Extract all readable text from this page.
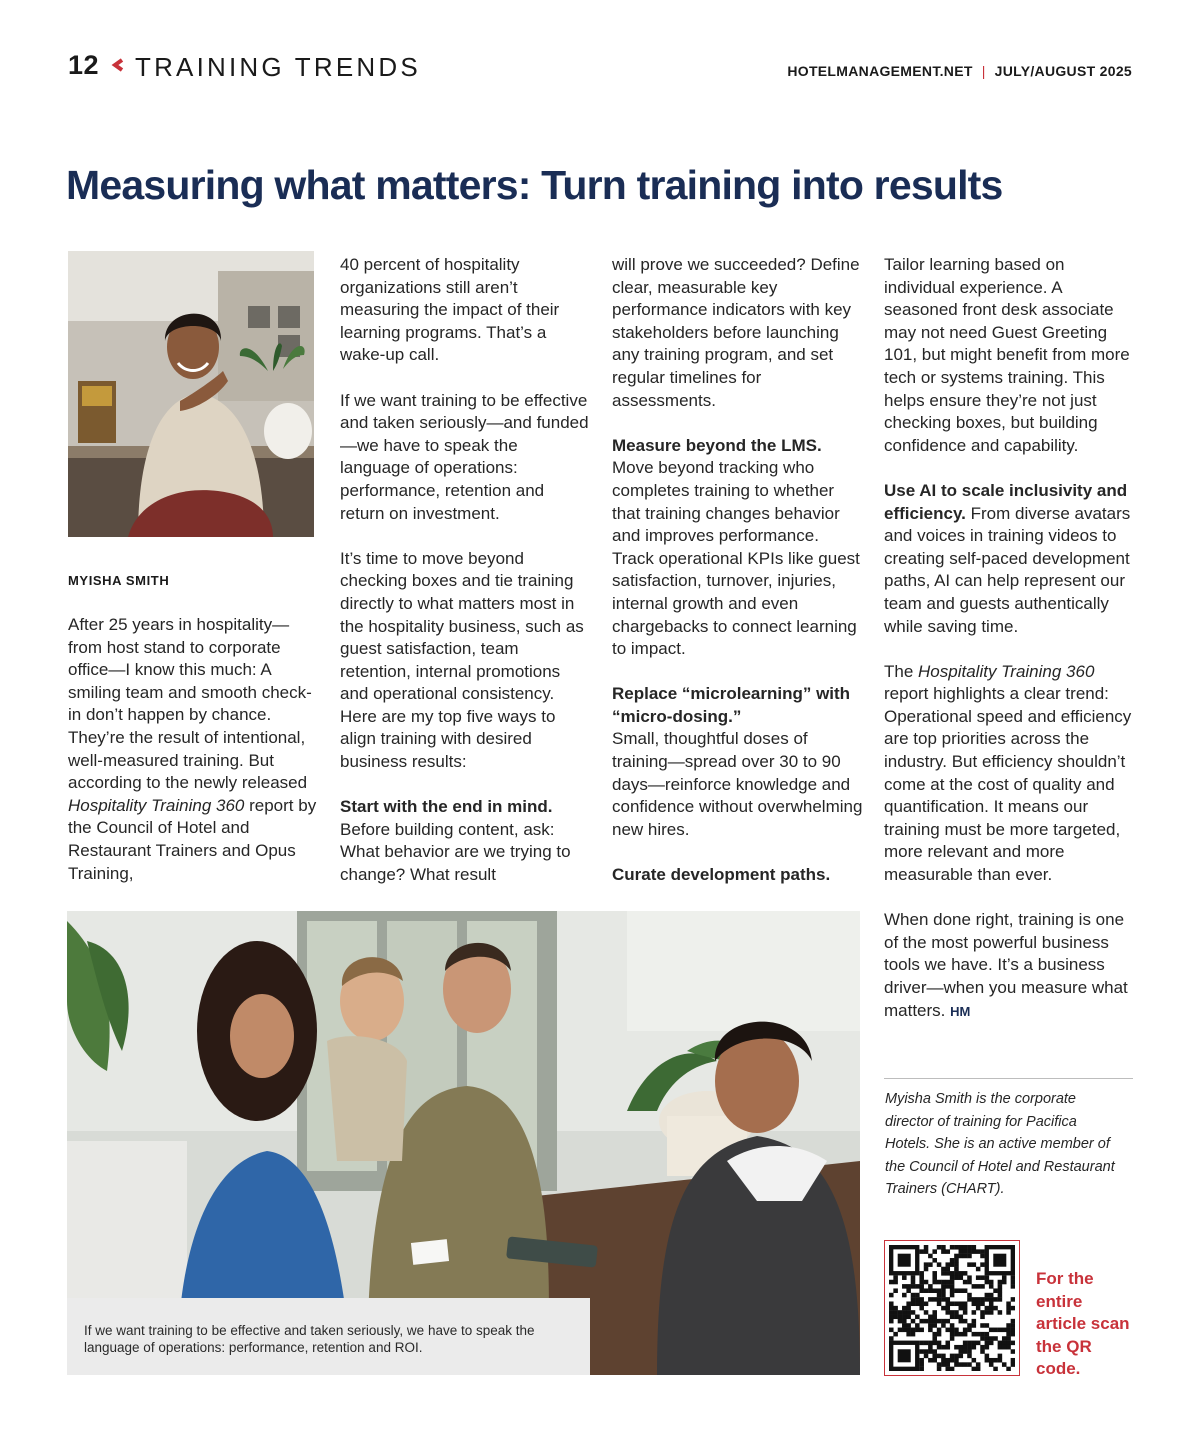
12 TRAINING TRENDS	HOTELMANAGEMENT.NET | JULY/AUGUST 2025
Measuring what matters: Turn training into results
MYISHA SMITH

After 25 years in hospitality—from host stand to corporate office—I know this much: A smiling team and smooth check-in don’t happen by chance. They’re the result of intentional, well-measured training. But according to the newly released Hospitality Training 360 report by the Council of Hotel and Restaurant Trainers and Opus Training,

40 percent of hospitality organizations still aren’t measuring the impact of their learning programs. That’s a wake-up call.

If we want training to be effective and taken seriously—and funded—we have to speak the language of operations: performance, retention and return on investment.

It’s time to move beyond checking boxes and tie training directly to what matters most in the hospitality business, such as guest satisfaction, team retention, internal promotions and operational consistency. Here are my top five ways to align training with desired business results:

Start with the end in mind.
Before building content, ask: What behavior are we trying to change? What result

will prove we succeeded? Define clear, measurable key performance indicators with key stakeholders before launching any training program, and set regular timelines for assessments.

Measure beyond the LMS.
Move beyond tracking who completes training to whether that training changes behavior and improves performance. Track operational KPIs like guest satisfaction, turnover, injuries, internal growth and even chargebacks to connect learning to impact.

Replace “microlearning” with “micro-dosing.”
Small, thoughtful doses of training—spread over 30 to 90 days—reinforce knowledge and confidence without overwhelming new hires.

Curate development paths.

Tailor learning based on individual experience. A seasoned front desk associate may not need Guest Greeting 101, but might benefit from more tech or systems training. This helps ensure they’re not just checking boxes, but building confidence and capability.

Use AI to scale inclusivity and efficiency. From diverse avatars and voices in training videos to creating self-paced development paths, AI can help represent our team and guests authentically while saving time.

The Hospitality Training 360 report highlights a clear trend: Operational speed and efficiency are top priorities across the industry. But efficiency shouldn’t come at the cost of quality and quantification. It means our training must be more targeted, more relevant and more measurable than ever.

When done right, training is one of the most powerful business tools we have. It’s a business driver—when you measure what matters. HM

If we want training to be effective and taken seriously, we have to speak the language of operations: performance, retention and ROI.
Myisha Smith is the corporate director of training for Pacifica Hotels. She is an active member of the Council of Hotel and Restaurant Trainers (CHART).
For the entire article scan the QR code.
